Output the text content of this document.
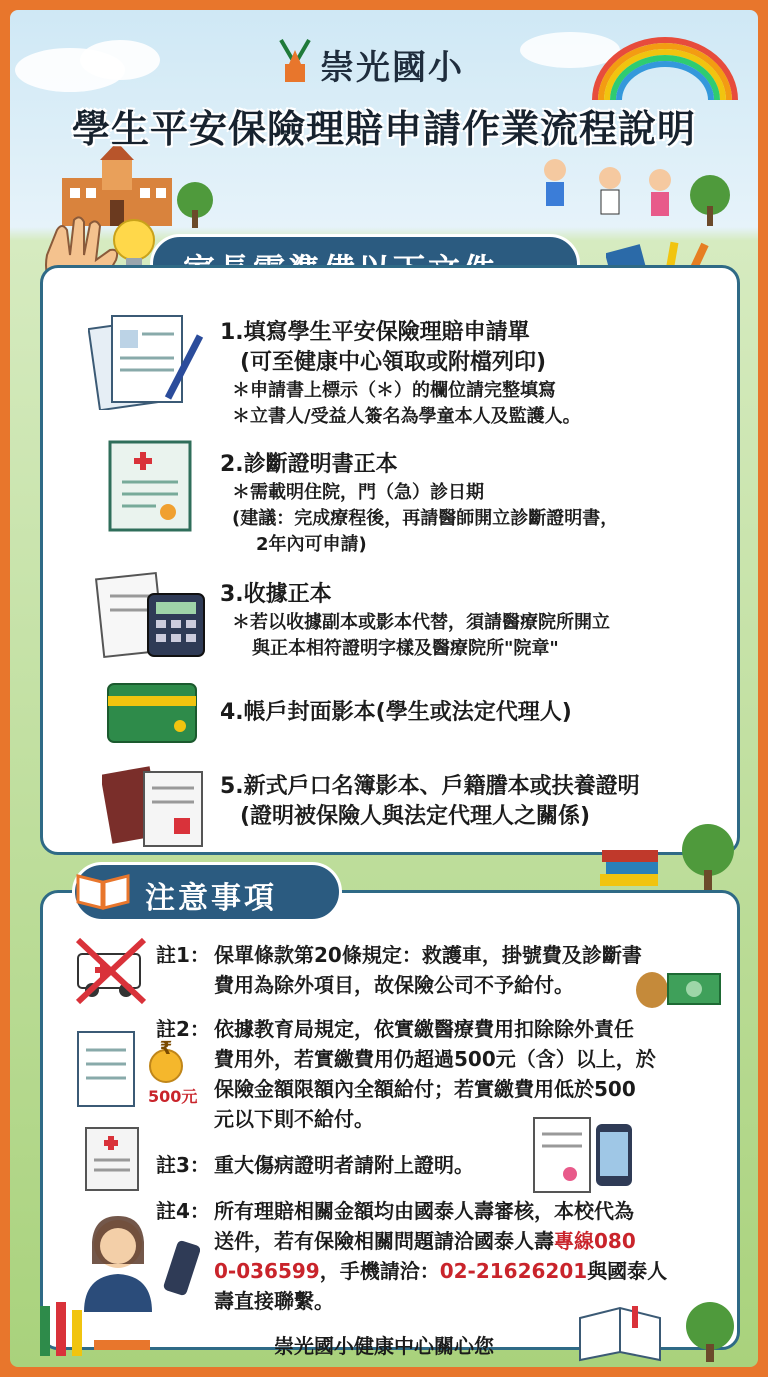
崇光國小
學生平安保險理賠申請作業流程說明
1.填寫學生平安保險理賠申請單
(可至健康中心領取或附檔列印)
＊申請書上標示（＊）的欄位請完整填寫
＊立書人/受益人簽名為學童本人及監護人。
2.診斷證明書正本
＊需載明住院，門（急）診日期
(建議：完成療程後，再請醫師開立診斷證明書，
2年內可申請)
3.收據正本
＊若以收據副本或影本代替，須請醫療院所開立
與正本相符證明字樣及醫療院所"院章"
4.帳戶封面影本(學生或法定代理人)
5.新式戶口名簿影本、戶籍謄本或扶養證明
(證明被保險人與法定代理人之關係)
注意事項
₹
500元
註1： 保單條款第20條規定：救護車，掛號費及診斷書
費用為除外項目，故保險公司不予給付。
註2： 依據教育局規定，依實繳醫療費用扣除除外責任
費用外，若實繳費用仍超過500元（含）以上，於
保險金額限額內全額給付；若實繳費用低於500
元以下則不給付。
註3： 重大傷病證明者請附上證明。
註4： 所有理賠相關金額均由國泰人壽審核，本校代為
送件，若有保險相關問題請洽國泰人壽專線080
0-036599，手機請洽：02-21626201與國泰人
壽直接聯繫。
崇光國小健康中心關心您
